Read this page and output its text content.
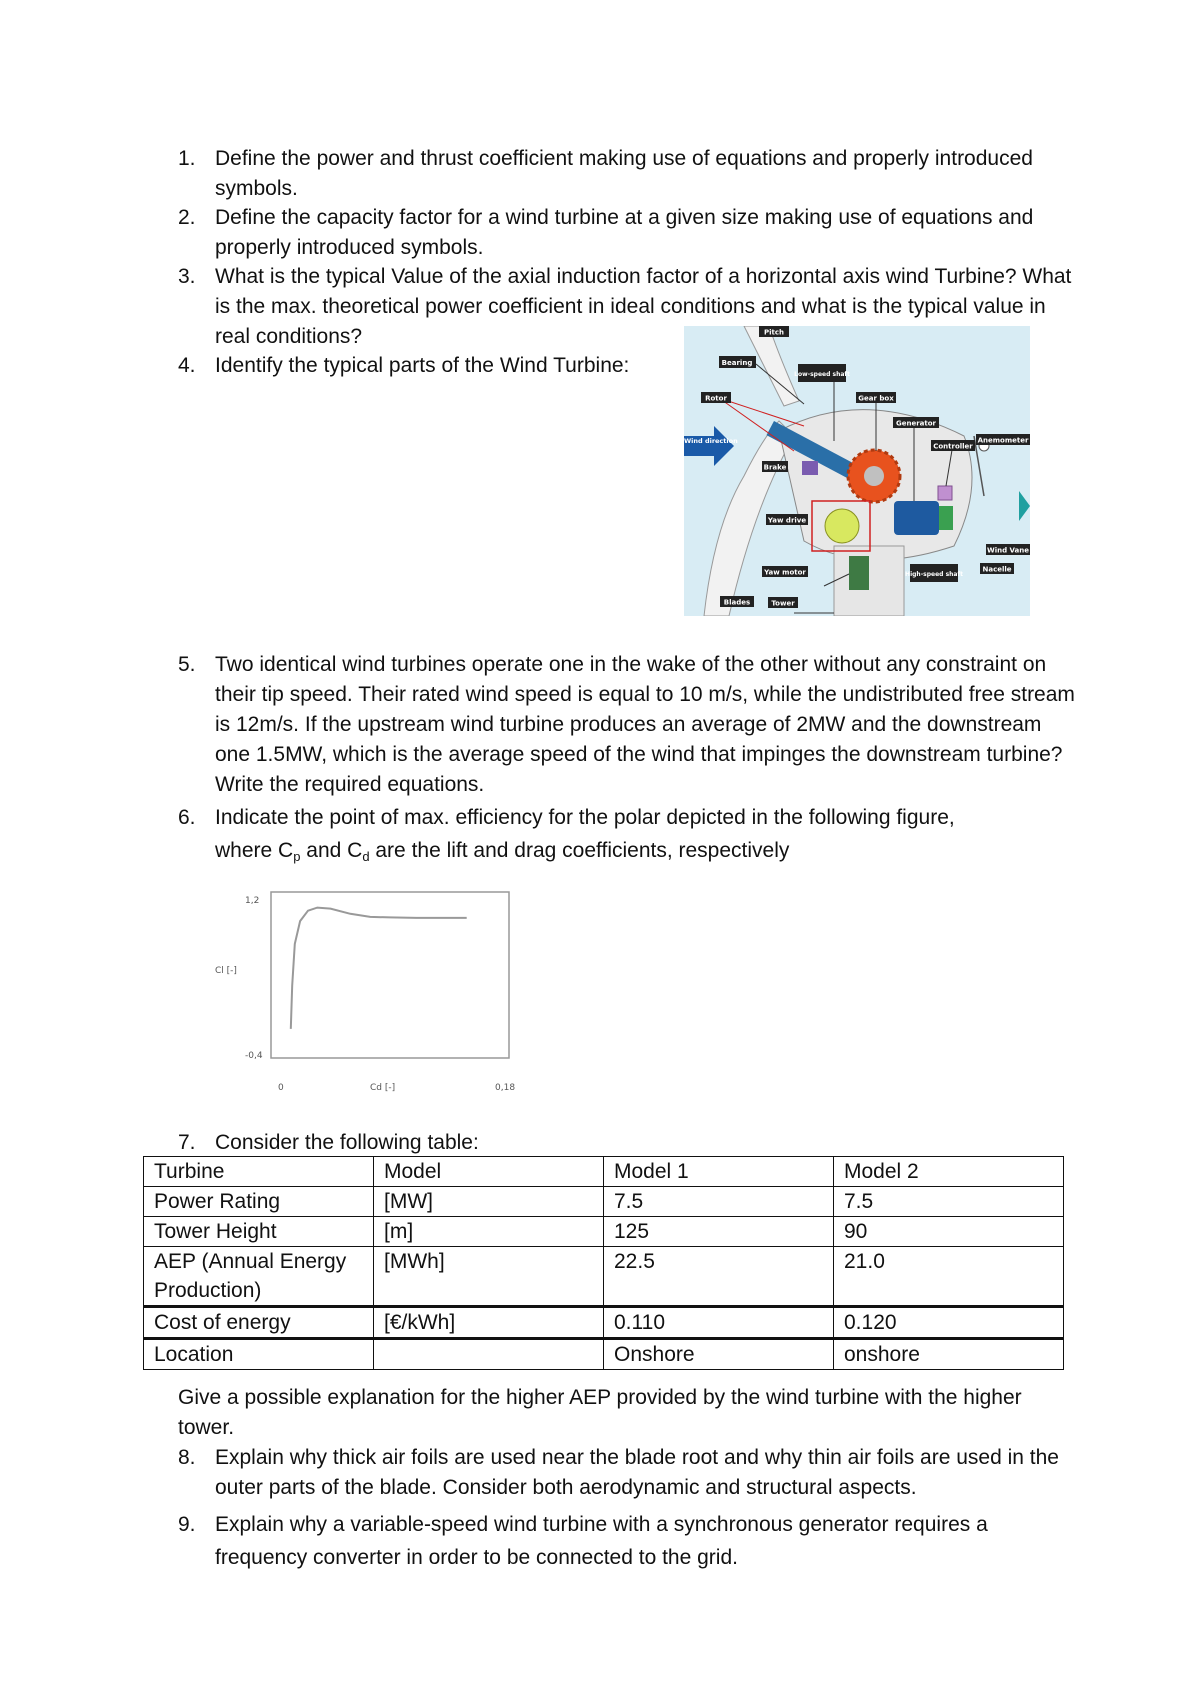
1. Define the power and thrust coefficient making use of equations and properly introduced symbols.
2. Define the capacity factor for a wind turbine at a given size making use of equations and properly introduced symbols.
3. What is the typical Value of the axial induction factor of a horizontal axis wind Turbine? What is the max. theoretical power coefficient in ideal conditions and what is the typical value in real conditions?
4. Identify the typical parts of the Wind Turbine:
Pitch
Bearing
Low-speed shaft
Gear box
Rotor
Generator
Anemometer
Controller
Wind direction
Brake
Yaw drive
Wind Vane
Nacelle
High-speed shaft
Yaw motor
Blades	Tower
5. Two identical wind turbines operate one in the wake of the other without any constraint on their tip speed. Their rated wind speed is equal to 10 m/s, while the undistributed free stream is 12m/s. If the upstream wind turbine produces an average of 2MW and the downstream one 1.5MW, which is the average speed of the wind that impinges the downstream turbine? Write the required equations.
6. Indicate the point of max. efficiency for the polar depicted in the following figure,
where $C_p$ and $C_d$ are the lift and drag coefficients, respectively
1,2
-0,4
Cl [-]
0	0,18
Cd [-]
7. Consider the following table:
Turbine	Model	Model 1	Model 2
Power Rating	[MW]	7.5	7.5
Tower Height	[m]	125	90
AEP (Annual Energy Production)	[MWh]	22.5	21.0
Cost of energy	[€/kWh]	0.110	0.120
Location		Onshore	onshore
Give a possible explanation for the higher AEP provided by the wind turbine with the higher tower.
8. Explain why thick air foils are used near the blade root and why thin air foils are used in the outer parts of the blade. Consider both aerodynamic and structural aspects.
9. Explain why a variable-speed wind turbine with a synchronous generator requires a frequency converter in order to be connected to the grid.
